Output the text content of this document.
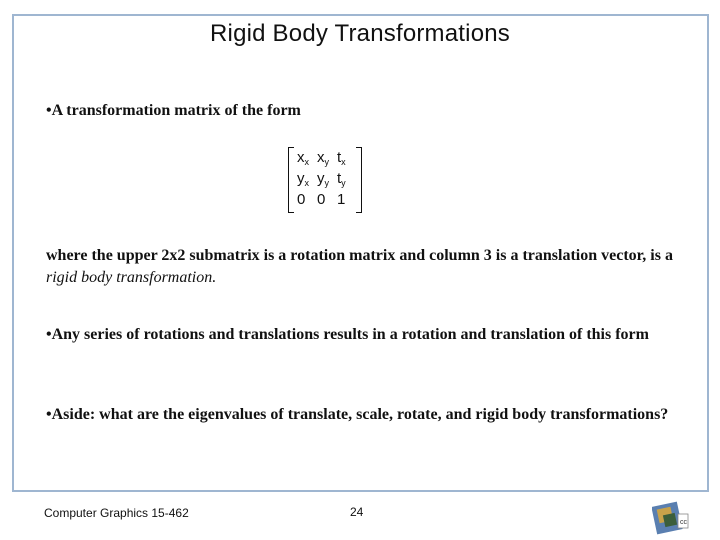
Rigid Body Transformations
•A transformation matrix of the form
$x_x$ $x_y$ $t_x$
$y_x$ $y_y$ $t_y$
0 0 1
where the upper 2x2 submatrix is a rotation matrix and column 3 is a translation vector, is a rigid body transformation.
•Any series of rotations and translations results in a rotation and translation of this form
•Aside: what are the eigenvalues of translate, scale, rotate, and rigid body transformations?
Computer Graphics 15-462	24
cc
